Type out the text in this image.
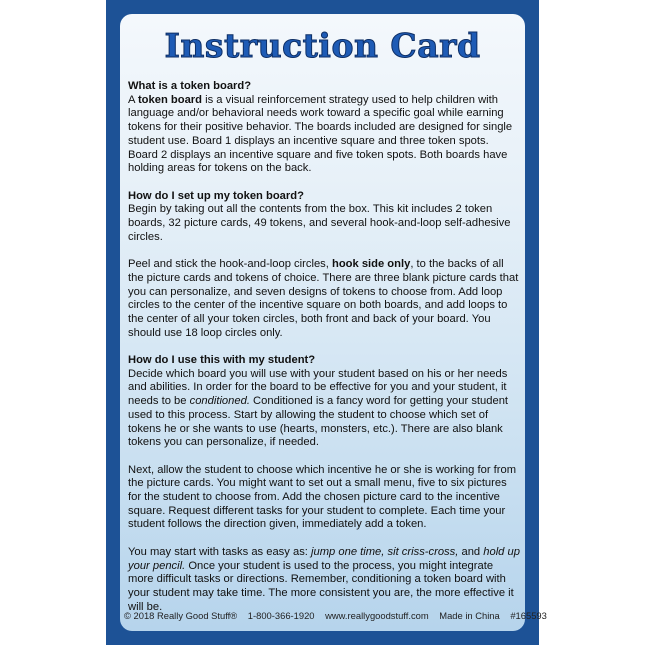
Instruction Card

What is a token board?
A token board is a visual reinforcement strategy used to help children with language and/or behavioral needs work toward a specific goal while earning tokens for their positive behavior. The boards included are designed for single student use. Board 1 displays an incentive square and three token spots. Board 2 displays an incentive square and five token spots. Both boards have holding areas for tokens on the back.

How do I set up my token board?
Begin by taking out all the contents from the box. This kit includes 2 token boards, 32 picture cards, 49 tokens, and several hook-and-loop self-adhesive circles.

Peel and stick the hook-and-loop circles, hook side only, to the backs of all the picture cards and tokens of choice. There are three blank picture cards that you can personalize, and seven designs of tokens to choose from. Add loop circles to the center of the incentive square on both boards, and add loops to the center of all your token circles, both front and back of your board. You should use 18 loop circles only.

How do I use this with my student?
Decide which board you will use with your student based on his or her needs and abilities. In order for the board to be effective for you and your student, it needs to be conditioned. Conditioned is a fancy word for getting your student used to this process. Start by allowing the student to choose which set of tokens he or she wants to use (hearts, monsters, etc.). There are also blank tokens you can personalize, if needed.

Next, allow the student to choose which incentive he or she is working for from the picture cards. You might want to set out a small menu, five to six pictures for the student to choose from. Add the chosen picture card to the incentive square. Request different tasks for your student to complete. Each time your student follows the direction given, immediately add a token.

You may start with tasks as easy as: jump one time, sit criss-cross, and hold up your pencil. Once your student is used to the process, you might integrate more difficult tasks or directions. Remember, conditioning a token board with your student may take time. The more consistent you are, the more effective it will be.

© 2018 Really Good Stuff® 1-800-366-1920 www.reallygoodstuff.com Made in China #165593
